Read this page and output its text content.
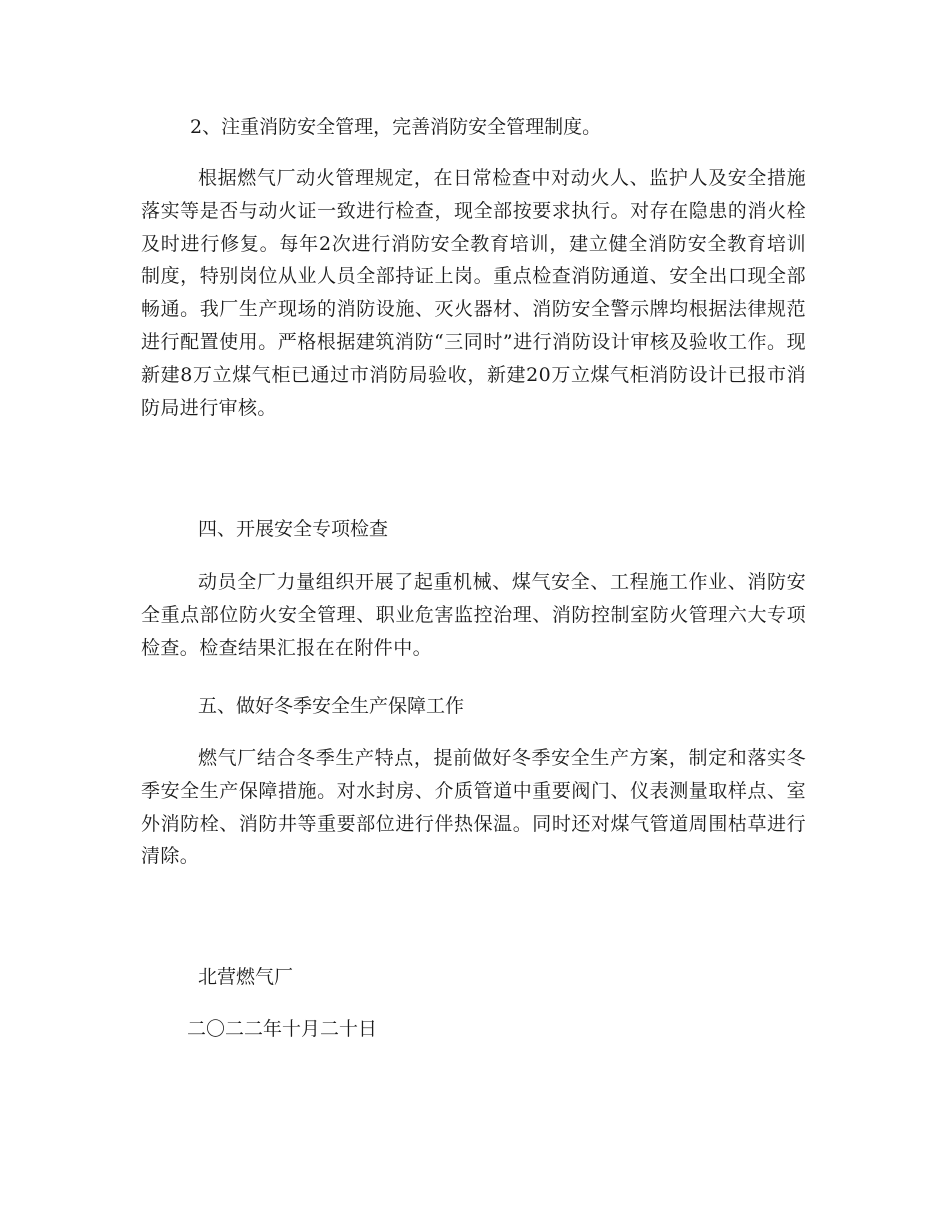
2、注重消防安全管理，完善消防安全管理制度。
根据燃气厂动火管理规定，在日常检查中对动火人、监护人及安全措施落实等是否与动火证一致进行检查，现全部按要求执行。对存在隐患的消火栓及时进行修复。每年2次进行消防安全教育培训，建立健全消防安全教育培训制度，特别岗位从业人员全部持证上岗。重点检查消防通道、安全出口现全部畅通。我厂生产现场的消防设施、灭火器材、消防安全警示牌均根据法律规范进行配置使用。严格根据建筑消防“三同时”进行消防设计审核及验收工作。现新建8万立煤气柜已通过市消防局验收，新建20万立煤气柜消防设计已报市消防局进行审核。
四、开展安全专项检查
动员全厂力量组织开展了起重机械、煤气安全、工程施工作业、消防安全重点部位防火安全管理、职业危害监控治理、消防控制室防火管理六大专项检查。检查结果汇报在在附件中。
五、做好冬季安全生产保障工作
燃气厂结合冬季生产特点，提前做好冬季安全生产方案，制定和落实冬季安全生产保障措施。对水封房、介质管道中重要阀门、仪表测量取样点、室外消防栓、消防井等重要部位进行伴热保温。同时还对煤气管道周围枯草进行清除。
北营燃气厂
二〇二二年十月二十日
